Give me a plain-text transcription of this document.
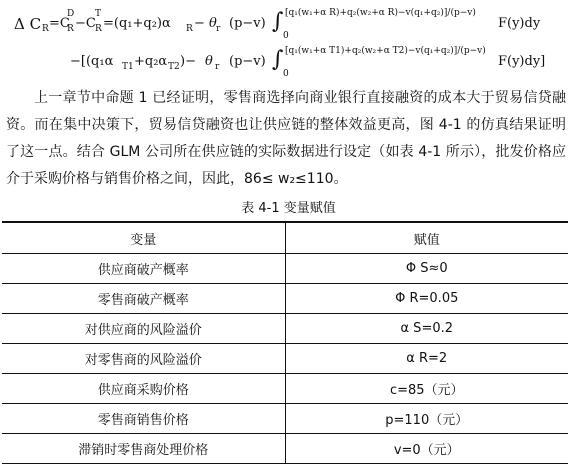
Δ C R =C
D
R −C
T
R =(q₁+q₂)α R − θ r (p−v) ∫
0
[q₁(w₁+α R)+q₂(w₂+α R)−v(q₁+q₂)]/(p−v)
F(y)dy
−[(q₁α T1 +q₂α T2 )− θ r (p−v) ∫
0
[q₁(w₁+α T1)+q₂(w₂+α T2)−v(q₁+q₂)]/(p−v)
F(y)dy]
上一章节中命题 1 已经证明，零售商选择向商业银行直接融资的成本大于贸易信贷融资。而在集中决策下，贸易信贷融资也让供应链的整体效益更高，图 4-1 的仿真结果证明了这一点。结合 GLM 公司所在供应链的实际数据进行设定（如表 4-1 所示），批发价格应介于采购价格与销售价格之间，因此，86≤ w₂≤110。
表 4-1 变量赋值
变量	赋值
供应商破产概率	Φ S≈0
零售商破产概率	Φ R=0.05
对供应商的风险溢价	α S=0.2
对零售商的风险溢价	α R=2
供应商采购价格	c=85（元）
零售商销售价格	p=110（元）
滞销时零售商处理价格	v=0（元）
